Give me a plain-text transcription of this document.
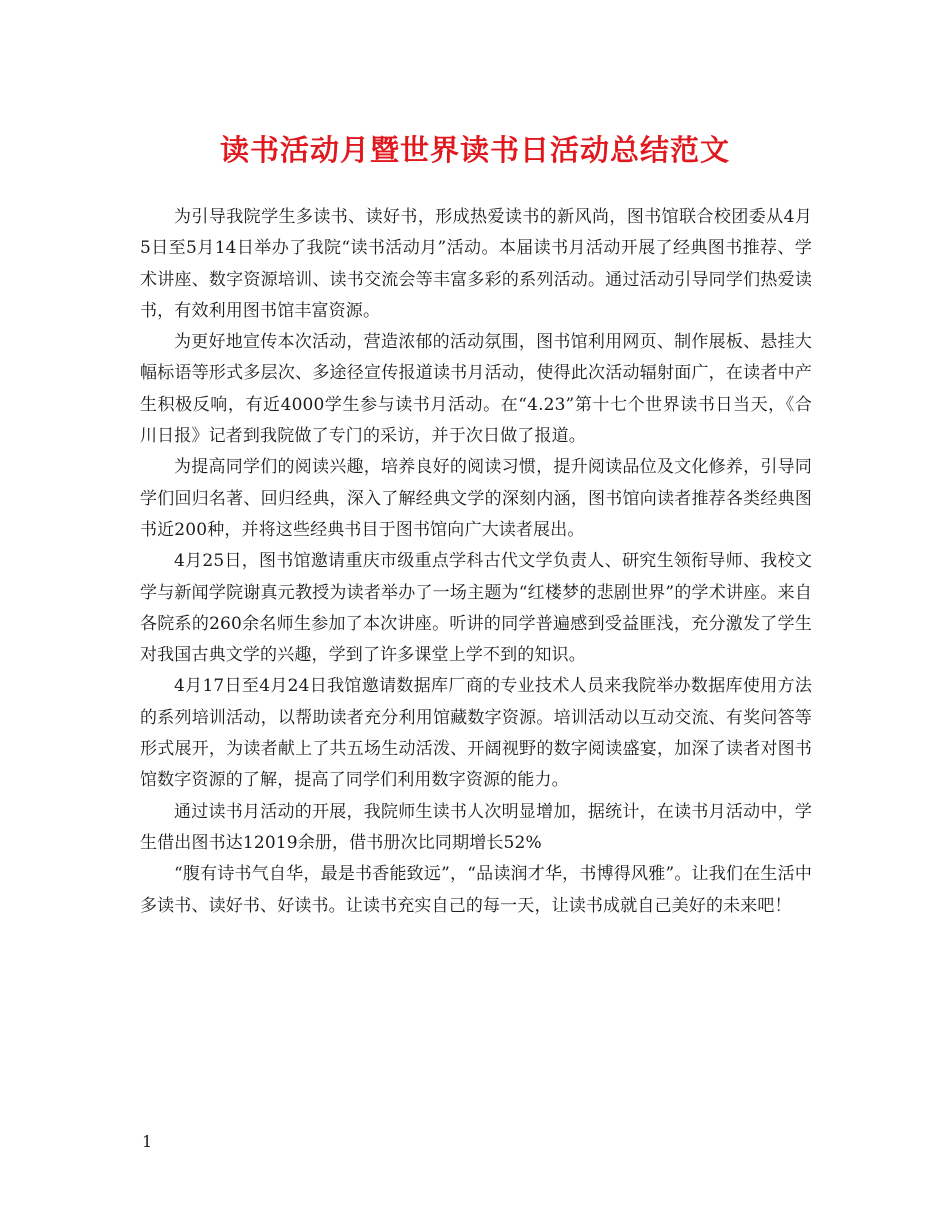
读书活动月暨世界读书日活动总结范文

为引导我院学生多读书、读好书，形成热爱读书的新风尚，图书馆联合校团委从4月5日至5月14日举办了我院“读书活动月”活动。本届读书月活动开展了经典图书推荐、学术讲座、数字资源培训、读书交流会等丰富多彩的系列活动。通过活动引导同学们热爱读书，有效利用图书馆丰富资源。

为更好地宣传本次活动，营造浓郁的活动氛围，图书馆利用网页、制作展板、悬挂大幅标语等形式多层次、多途径宣传报道读书月活动，使得此次活动辐射面广，在读者中产生积极反响，有近4000学生参与读书月活动。在“4.23”第十七个世界读书日当天，《合川日报》记者到我院做了专门的采访，并于次日做了报道。

为提高同学们的阅读兴趣，培养良好的阅读习惯，提升阅读品位及文化修养，引导同学们回归名著、回归经典，深入了解经典文学的深刻内涵，图书馆向读者推荐各类经典图书近200种，并将这些经典书目于图书馆向广大读者展出。

4月25日，图书馆邀请重庆市级重点学科古代文学负责人、研究生领衔导师、我校文学与新闻学院谢真元教授为读者举办了一场主题为“红楼梦的悲剧世界”的学术讲座。来自各院系的260余名师生参加了本次讲座。听讲的同学普遍感到受益匪浅，充分激发了学生对我国古典文学的兴趣，学到了许多课堂上学不到的知识。

4月17日至4月24日我馆邀请数据库厂商的专业技术人员来我院举办数据库使用方法的系列培训活动，以帮助读者充分利用馆藏数字资源。培训活动以互动交流、有奖问答等形式展开，为读者献上了共五场生动活泼、开阔视野的数字阅读盛宴，加深了读者对图书馆数字资源的了解，提高了同学们利用数字资源的能力。

通过读书月活动的开展，我院师生读书人次明显增加，据统计，在读书月活动中，学生借出图书达12019余册，借书册次比同期增长52%

“腹有诗书气自华，最是书香能致远”，“品读润才华，书博得风雅”。让我们在生活中多读书、读好书、好读书。让读书充实自己的每一天，让读书成就自己美好的未来吧！

1
